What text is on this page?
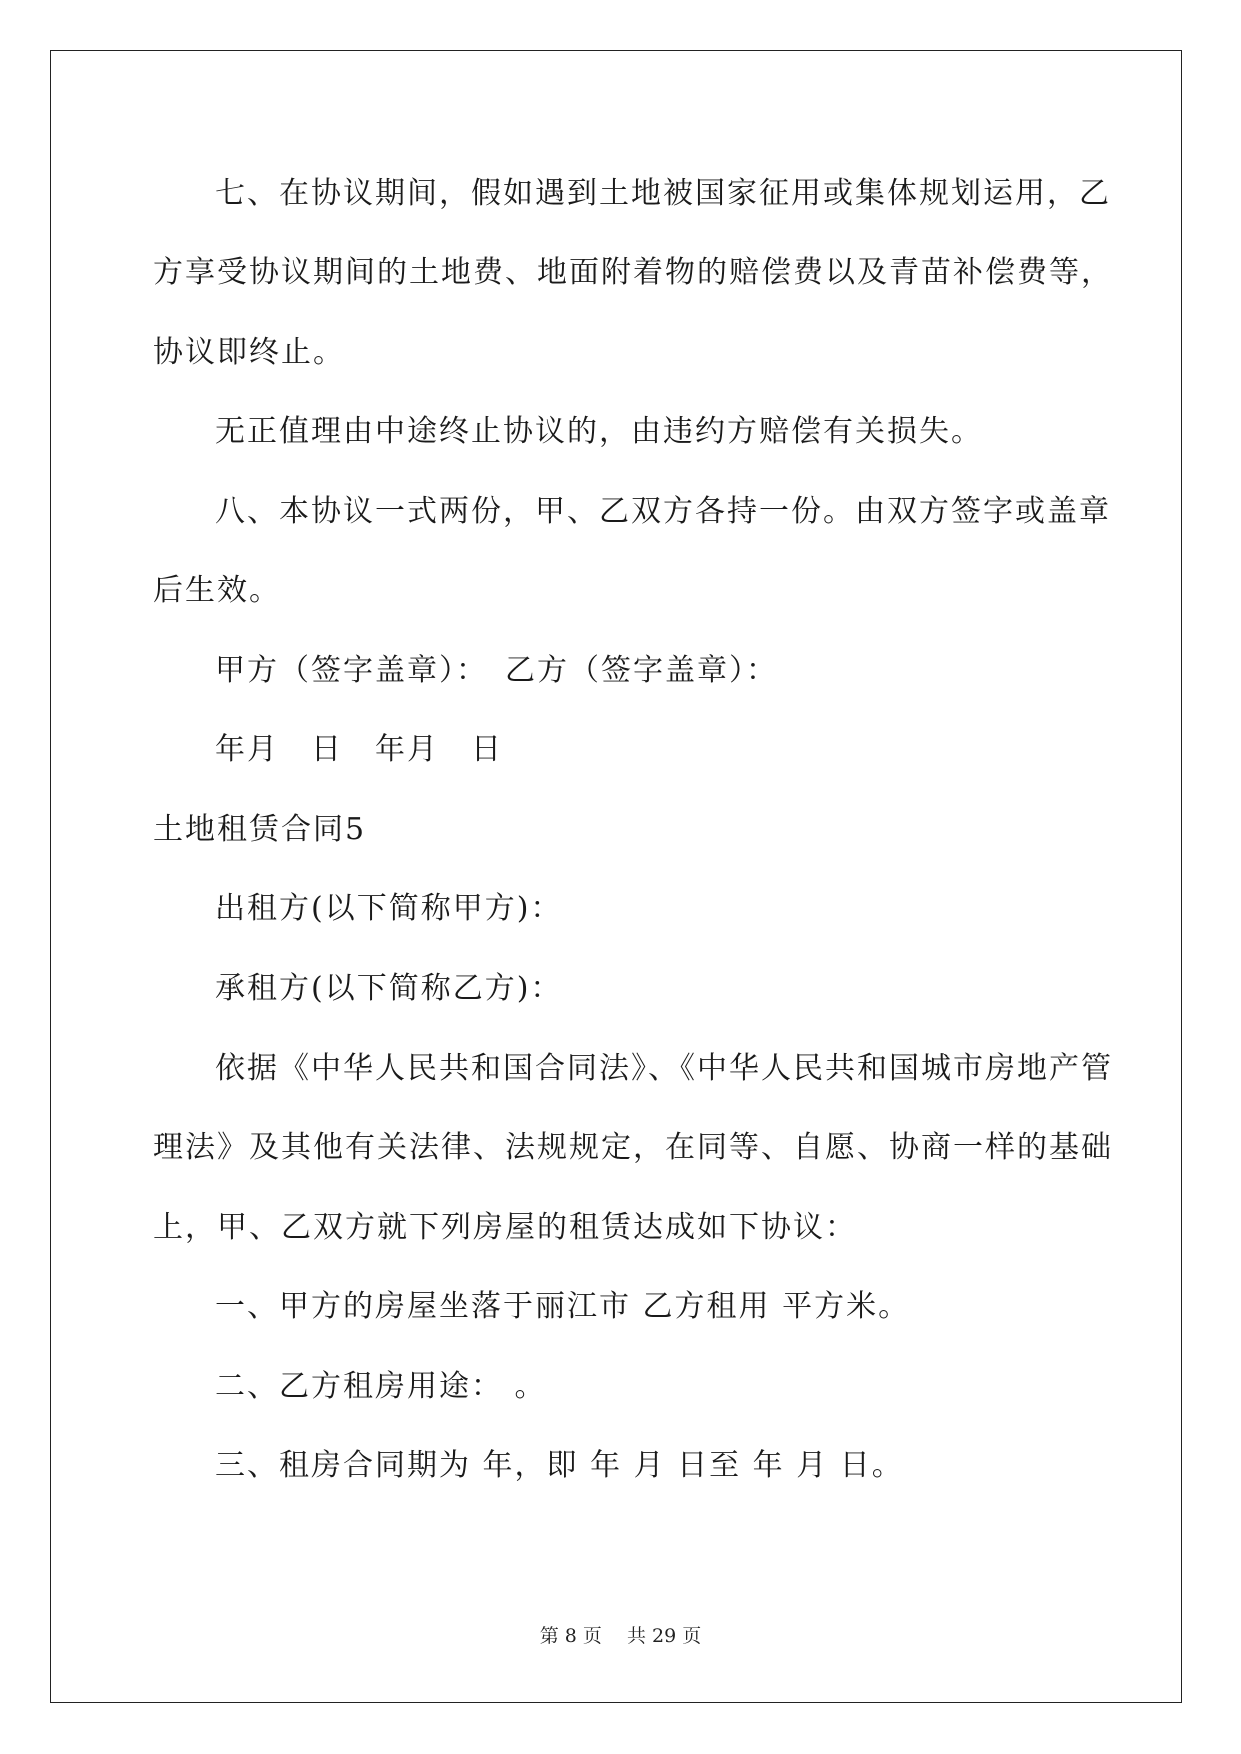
七、在协议期间，假如遇到土地被国家征用或集体规划运用，乙
方享受协议期间的土地费、地面附着物的赔偿费以及青苗补偿费等，
协议即终止。
无正值理由中途终止协议的，由违约方赔偿有关损失。
八、本协议一式两份，甲、乙双方各持一份。由双方签字或盖章
后生效。
甲方（签字盖章）：　乙方（签字盖章）：
年月　日　年月　日
土地租赁合同5
出租方(以下简称甲方)：
承租方(以下简称乙方)：
依据《中华人民共和国合同法》、《中华人民共和国城市房地产管
理法》及其他有关法律、法规规定，在同等、自愿、协商一样的基础
上，甲、乙双方就下列房屋的租赁达成如下协议：
一、甲方的房屋坐落于丽江市 乙方租用 平方米。
二、乙方租房用途： 。
三、租房合同期为 年，即 年 月 日至 年 月 日。
第 8 页　 共 29 页
